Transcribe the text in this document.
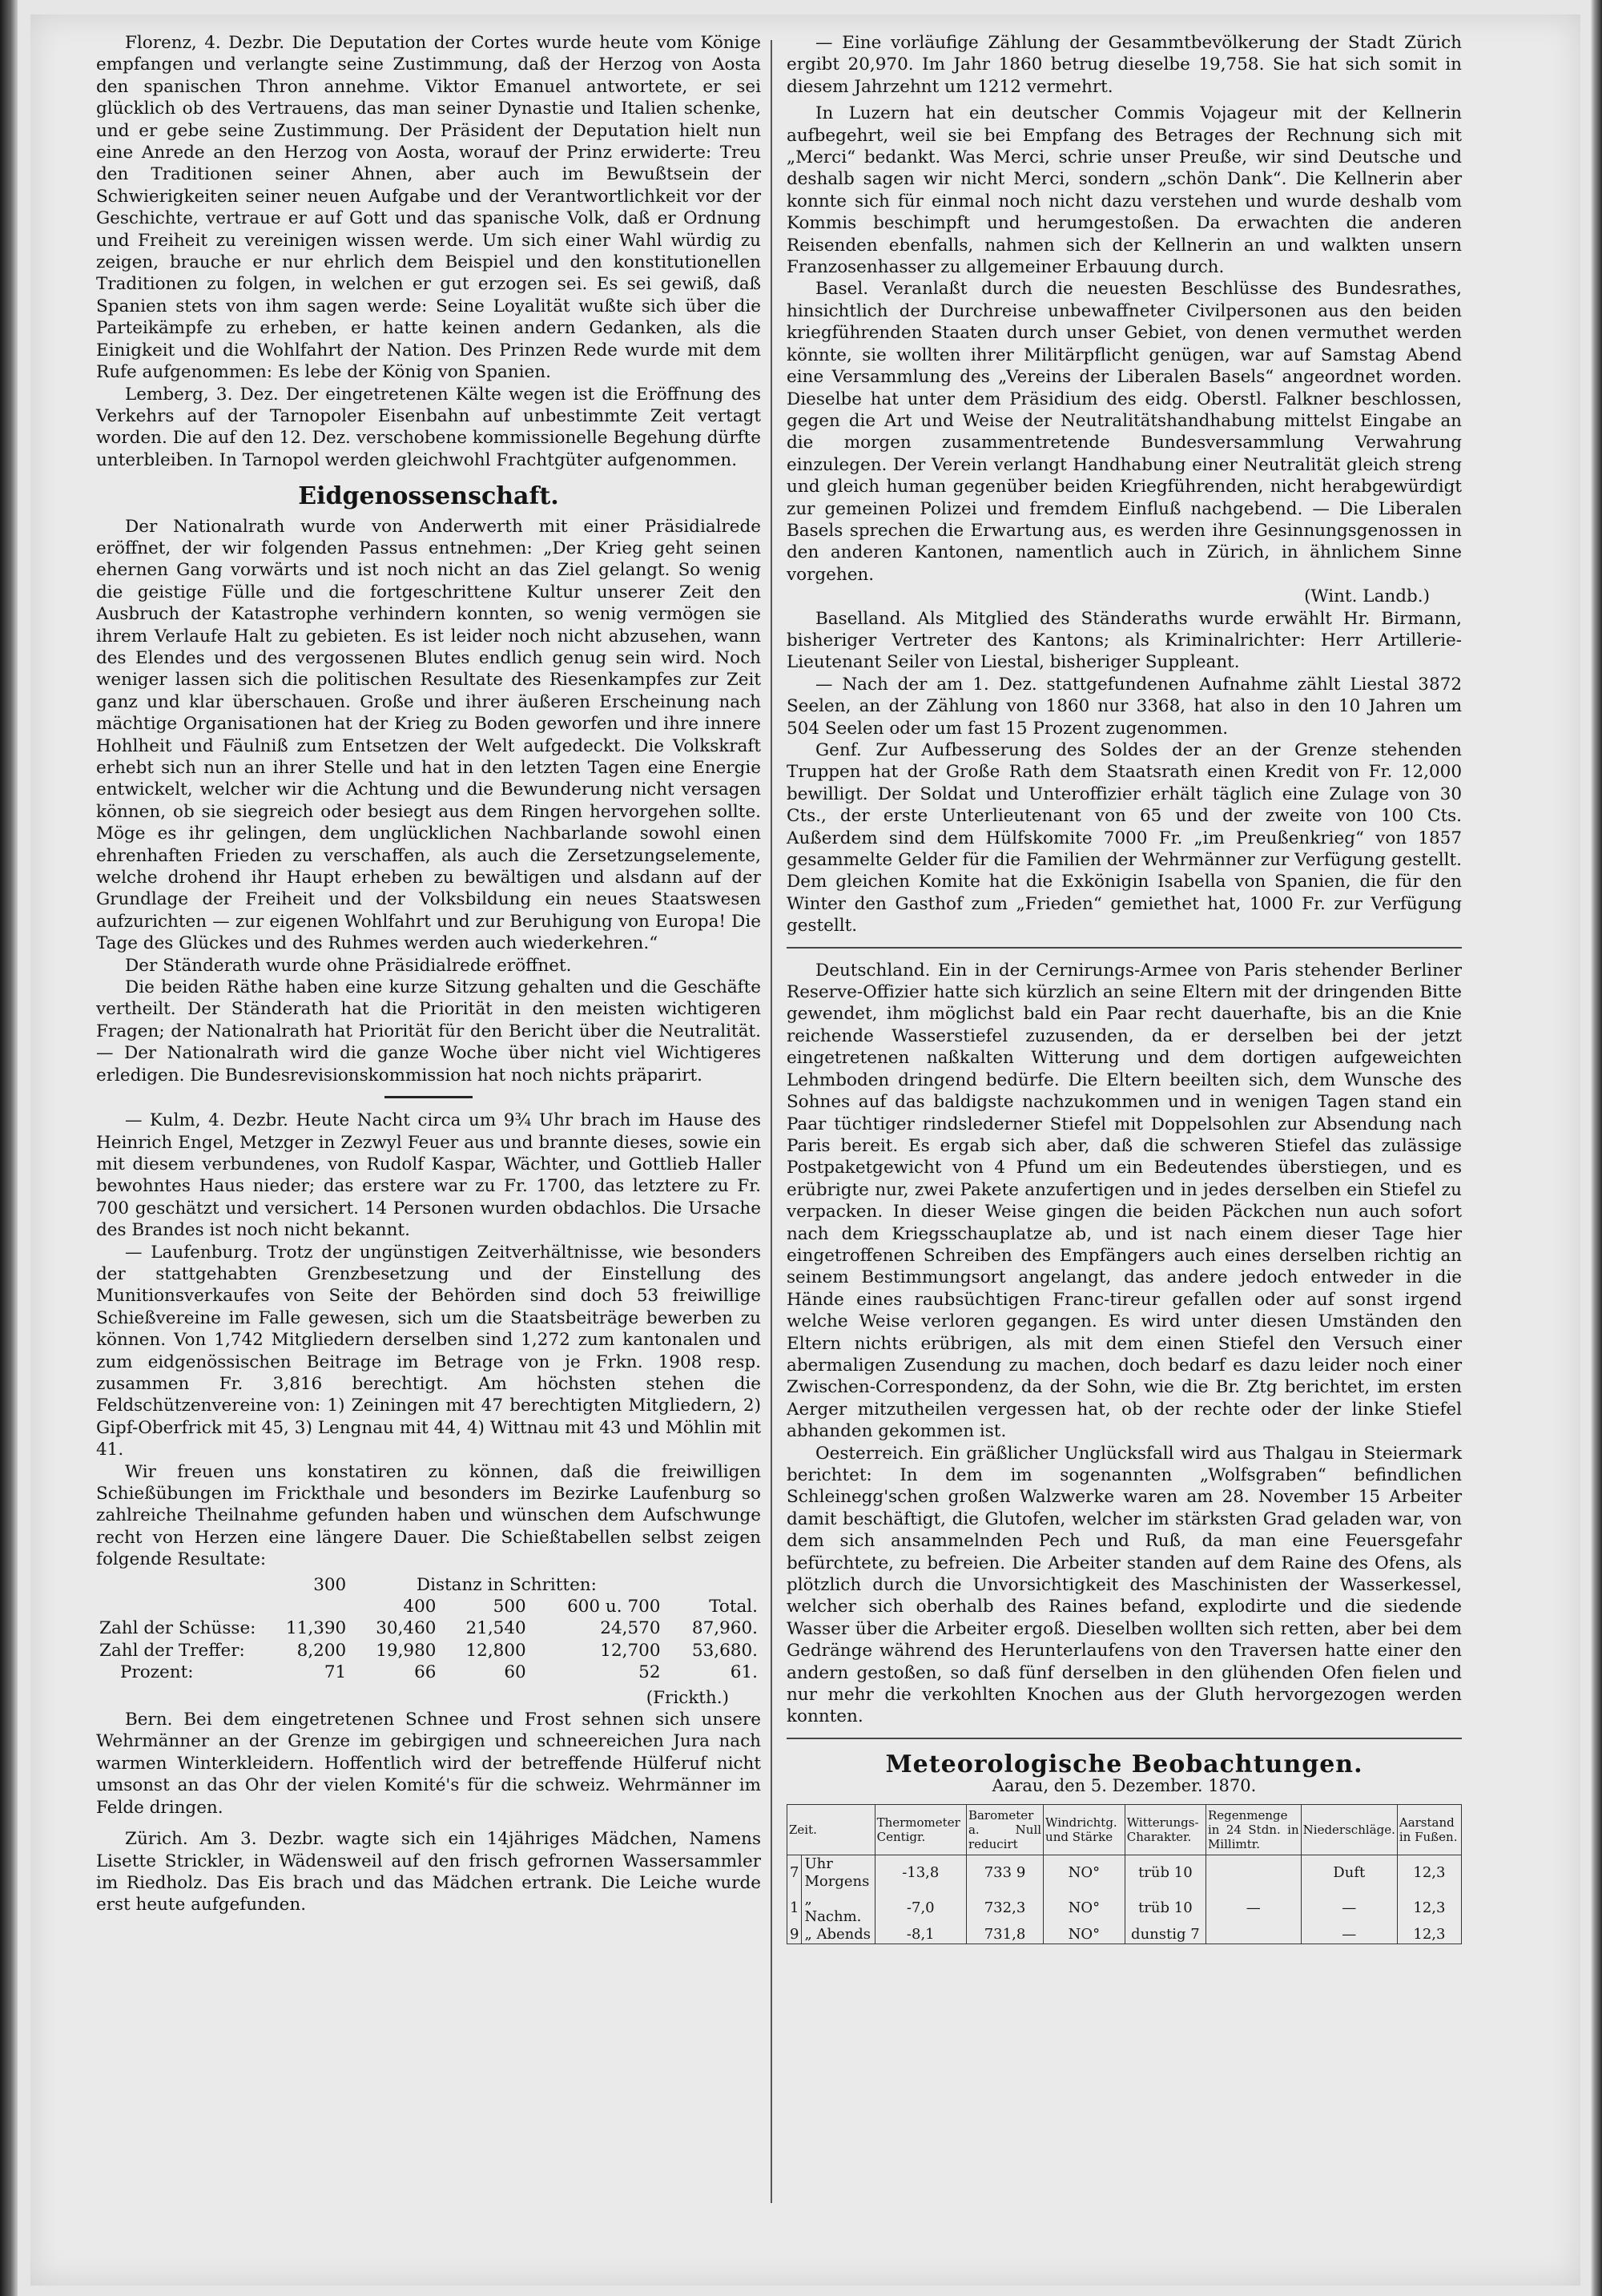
Florenz, 4. Dezbr. Die Deputation der Cortes wurde heute vom Könige empfangen und verlangte seine Zustimmung, daß der Herzog von Aosta den spanischen Thron annehme. Viktor Emanuel antwortete, er sei glücklich ob des Vertrauens, das man seiner Dynastie und Italien schenke, und er gebe seine Zustimmung. Der Präsident der Deputation hielt nun eine Anrede an den Herzog von Aosta, worauf der Prinz erwiderte: Treu den Traditionen seiner Ahnen, aber auch im Bewußtsein der Schwierigkeiten seiner neuen Aufgabe und der Verantwortlichkeit vor der Geschichte, vertraue er auf Gott und das spanische Volk, daß er Ordnung und Freiheit zu vereinigen wissen werde. Um sich einer Wahl würdig zu zeigen, brauche er nur ehrlich dem Beispiel und den konstitutionellen Traditionen zu folgen, in welchen er gut erzogen sei. Es sei gewiß, daß Spanien stets von ihm sagen werde: Seine Loyalität wußte sich über die Parteikämpfe zu erheben, er hatte keinen andern Gedanken, als die Einigkeit und die Wohlfahrt der Nation. Des Prinzen Rede wurde mit dem Rufe aufgenommen: Es lebe der König von Spanien.

Lemberg, 3. Dez. Der eingetretenen Kälte wegen ist die Eröffnung des Verkehrs auf der Tarnopoler Eisenbahn auf unbestimmte Zeit vertagt worden. Die auf den 12. Dez. verschobene kommissionelle Begehung dürfte unterbleiben. In Tarnopol werden gleichwohl Frachtgüter aufgenommen.

Eidgenossenschaft.

Der Nationalrath wurde von Anderwerth mit einer Präsidialrede eröffnet, der wir folgenden Passus entnehmen: „Der Krieg geht seinen ehernen Gang vorwärts und ist noch nicht an das Ziel gelangt. So wenig die geistige Fülle und die fortgeschrittene Kultur unserer Zeit den Ausbruch der Katastrophe verhindern konnten, so wenig vermögen sie ihrem Verlaufe Halt zu gebieten. Es ist leider noch nicht abzusehen, wann des Elendes und des vergossenen Blutes endlich genug sein wird. Noch weniger lassen sich die politischen Resultate des Riesenkampfes zur Zeit ganz und klar überschauen. Große und ihrer äußeren Erscheinung nach mächtige Organisationen hat der Krieg zu Boden geworfen und ihre innere Hohlheit und Fäulniß zum Entsetzen der Welt aufgedeckt. Die Volkskraft erhebt sich nun an ihrer Stelle und hat in den letzten Tagen eine Energie entwickelt, welcher wir die Achtung und die Bewunderung nicht versagen können, ob sie siegreich oder besiegt aus dem Ringen hervorgehen sollte. Möge es ihr gelingen, dem unglücklichen Nachbarlande sowohl einen ehrenhaften Frieden zu verschaffen, als auch die Zersetzungselemente, welche drohend ihr Haupt erheben zu bewältigen und alsdann auf der Grundlage der Freiheit und der Volksbildung ein neues Staatswesen aufzurichten — zur eigenen Wohlfahrt und zur Beruhigung von Europa! Die Tage des Glückes und des Ruhmes werden auch wiederkehren.“

Der Ständerath wurde ohne Präsidialrede eröffnet.

Die beiden Räthe haben eine kurze Sitzung gehalten und die Geschäfte vertheilt. Der Ständerath hat die Priorität in den meisten wichtigeren Fragen; der Nationalrath hat Priorität für den Bericht über die Neutralität. — Der Nationalrath wird die ganze Woche über nicht viel Wichtigeres erledigen. Die Bundesrevisionskommission hat noch nichts präparirt.

— Kulm, 4. Dezbr. Heute Nacht circa um 9¾ Uhr brach im Hause des Heinrich Engel, Metzger in Zezwyl Feuer aus und brannte dieses, sowie ein mit diesem verbundenes, von Rudolf Kaspar, Wächter, und Gottlieb Haller bewohntes Haus nieder; das erstere war zu Fr. 1700, das letztere zu Fr. 700 geschätzt und versichert. 14 Personen wurden obdachlos. Die Ursache des Brandes ist noch nicht bekannt.

— Laufenburg. Trotz der ungünstigen Zeitverhältnisse, wie besonders der stattgehabten Grenzbesetzung und der Einstellung des Munitionsverkaufes von Seite der Behörden sind doch 53 freiwillige Schießvereine im Falle gewesen, sich um die Staatsbeiträge bewerben zu können. Von 1,742 Mitgliedern derselben sind 1,272 zum kantonalen und zum eidgenössischen Beitrage im Betrage von je Frkn. 1908 resp. zusammen Fr. 3,816 berechtigt. Am höchsten stehen die Feldschützenvereine von: 1) Zeiningen mit 47 berechtigten Mitgliedern, 2) Gipf-Oberfrick mit 45, 3) Lengnau mit 44, 4) Wittnau mit 43 und Möhlin mit 41.

Wir freuen uns konstatiren zu können, daß die freiwilligen Schießübungen im Frickthale und besonders im Bezirke Laufenburg so zahlreiche Theilnahme gefunden haben und wünschen dem Aufschwunge recht von Herzen eine längere Dauer. Die Schießtabellen selbst zeigen folgende Resultate:

	300	Distanz in Schritten:			
		400	500	600 u. 700	Total.
Zahl der Schüsse:	11,390	30,460	21,540	24,570	87,960.
Zahl der Treffer:	8,200	19,980	12,800	12,700	53,680.
Prozent:	71	66	60	52	61.

(Frickth.)

Bern. Bei dem eingetretenen Schnee und Frost sehnen sich unsere Wehrmänner an der Grenze im gebirgigen und schneereichen Jura nach warmen Winterkleidern. Hoffentlich wird der betreffende Hülferuf nicht umsonst an das Ohr der vielen Komité's für die schweiz. Wehrmänner im Felde dringen.

Zürich. Am 3. Dezbr. wagte sich ein 14jähriges Mädchen, Namens Lisette Strickler, in Wädensweil auf den frisch gefrornen Wassersammler im Riedholz. Das Eis brach und das Mädchen ertrank. Die Leiche wurde erst heute aufgefunden.

— Eine vorläufige Zählung der Gesammtbevölkerung der Stadt Zürich ergibt 20,970. Im Jahr 1860 betrug dieselbe 19,758. Sie hat sich somit in diesem Jahrzehnt um 1212 vermehrt.

In Luzern hat ein deutscher Commis Vojageur mit der Kellnerin aufbegehrt, weil sie bei Empfang des Betrages der Rechnung sich mit „Merci“ bedankt. Was Merci, schrie unser Preuße, wir sind Deutsche und deshalb sagen wir nicht Merci, sondern „schön Dank“. Die Kellnerin aber konnte sich für einmal noch nicht dazu verstehen und wurde deshalb vom Kommis beschimpft und herumgestoßen. Da erwachten die anderen Reisenden ebenfalls, nahmen sich der Kellnerin an und walkten unsern Franzosenhasser zu allgemeiner Erbauung durch.

Basel. Veranlaßt durch die neuesten Beschlüsse des Bundesrathes, hinsichtlich der Durchreise unbewaffneter Civilpersonen aus den beiden kriegführenden Staaten durch unser Gebiet, von denen vermuthet werden könnte, sie wollten ihrer Militärpflicht genügen, war auf Samstag Abend eine Versammlung des „Vereins der Liberalen Basels“ angeordnet worden. Dieselbe hat unter dem Präsidium des eidg. Oberstl. Falkner beschlossen, gegen die Art und Weise der Neutralitätshandhabung mittelst Eingabe an die morgen zusammentretende Bundesversammlung Verwahrung einzulegen. Der Verein verlangt Handhabung einer Neutralität gleich streng und gleich human gegenüber beiden Kriegführenden, nicht herabgewürdigt zur gemeinen Polizei und fremdem Einfluß nachgebend. — Die Liberalen Basels sprechen die Erwartung aus, es werden ihre Gesinnungsgenossen in den anderen Kantonen, namentlich auch in Zürich, in ähnlichem Sinne vorgehen.

(Wint. Landb.)

Baselland. Als Mitglied des Ständeraths wurde erwählt Hr. Birmann, bisheriger Vertreter des Kantons; als Kriminalrichter: Herr Artillerie-Lieutenant Seiler von Liestal, bisheriger Suppleant.

— Nach der am 1. Dez. stattgefundenen Aufnahme zählt Liestal 3872 Seelen, an der Zählung von 1860 nur 3368, hat also in den 10 Jahren um 504 Seelen oder um fast 15 Prozent zugenommen.

Genf. Zur Aufbesserung des Soldes der an der Grenze stehenden Truppen hat der Große Rath dem Staatsrath einen Kredit von Fr. 12,000 bewilligt. Der Soldat und Unteroffizier erhält täglich eine Zulage von 30 Cts., der erste Unterlieutenant von 65 und der zweite von 100 Cts. Außerdem sind dem Hülfskomite 7000 Fr. „im Preußenkrieg“ von 1857 gesammelte Gelder für die Familien der Wehrmänner zur Verfügung gestellt. Dem gleichen Komite hat die Exkönigin Isabella von Spanien, die für den Winter den Gasthof zum „Frieden“ gemiethet hat, 1000 Fr. zur Verfügung gestellt.

Deutschland. Ein in der Cernirungs-Armee von Paris stehender Berliner Reserve-Offizier hatte sich kürzlich an seine Eltern mit der dringenden Bitte gewendet, ihm möglichst bald ein Paar recht dauerhafte, bis an die Knie reichende Wasserstiefel zuzusenden, da er derselben bei der jetzt eingetretenen naßkalten Witterung und dem dortigen aufgeweichten Lehmboden dringend bedürfe. Die Eltern beeilten sich, dem Wunsche des Sohnes auf das baldigste nachzukommen und in wenigen Tagen stand ein Paar tüchtiger rindslederner Stiefel mit Doppelsohlen zur Absendung nach Paris bereit. Es ergab sich aber, daß die schweren Stiefel das zulässige Postpaketgewicht von 4 Pfund um ein Bedeutendes überstiegen, und es erübrigte nur, zwei Pakete anzufertigen und in jedes derselben ein Stiefel zu verpacken. In dieser Weise gingen die beiden Päckchen nun auch sofort nach dem Kriegsschauplatze ab, und ist nach einem dieser Tage hier eingetroffenen Schreiben des Empfängers auch eines derselben richtig an seinem Bestimmungsort angelangt, das andere jedoch entweder in die Hände eines raubsüchtigen Franc-tireur gefallen oder auf sonst irgend welche Weise verloren gegangen. Es wird unter diesen Umständen den Eltern nichts erübrigen, als mit dem einen Stiefel den Versuch einer abermaligen Zusendung zu machen, doch bedarf es dazu leider noch einer Zwischen-Correspondenz, da der Sohn, wie die Br. Ztg berichtet, im ersten Aerger mitzutheilen vergessen hat, ob der rechte oder der linke Stiefel abhanden gekommen ist.

Oesterreich. Ein gräßlicher Unglücksfall wird aus Thalgau in Steiermark berichtet: In dem im sogenannten „Wolfsgraben“ befindlichen Schleinegg'schen großen Walzwerke waren am 28. November 15 Arbeiter damit beschäftigt, die Glutofen, welcher im stärksten Grad geladen war, von dem sich ansammelnden Pech und Ruß, da man eine Feuersgefahr befürchtete, zu befreien. Die Arbeiter standen auf dem Raine des Ofens, als plötzlich durch die Unvorsichtigkeit des Maschinisten der Wasserkessel, welcher sich oberhalb des Raines befand, explodirte und die siedende Wasser über die Arbeiter ergoß. Dieselben wollten sich retten, aber bei dem Gedränge während des Herunterlaufens von den Traversen hatte einer den andern gestoßen, so daß fünf derselben in den glühenden Ofen fielen und nur mehr die verkohlten Knochen aus der Gluth hervorgezogen werden konnten.

Meteorologische Beobachtungen.
Aarau, den 5. Dezember. 1870.
Zeit.		Thermometer Centigr.	Barometer a. Null reducirt	Windrichtg. und Stärke	Witterungs-Charakter.	Regenmenge in 24 Stdn. in Millimtr.	Niederschläge.	Aarstand in Fußen.
7	Uhr Morgens	-13,8	733 9	NO°	trüb 10		Duft	12,3
1	„ Nachm.	-7,0	732,3	NO°	trüb 10	—	—	12,3
9	„ Abends	-8,1	731,8	NO°	dunstig 7		—	12,3
